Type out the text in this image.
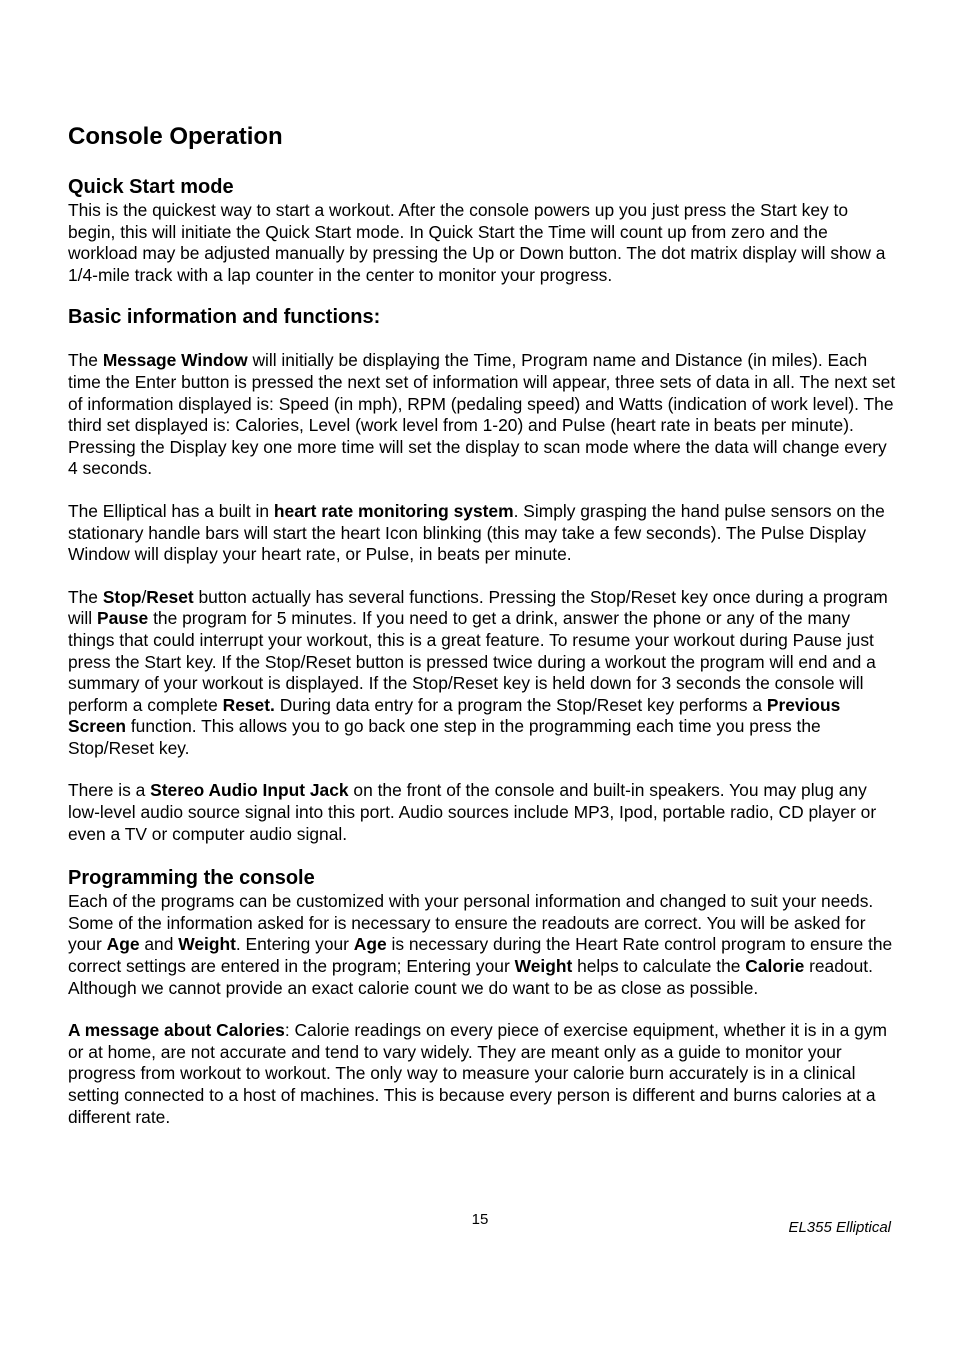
Console Operation
Quick Start mode

This is the quickest way to start a workout. After the console powers up you just press the Start key to begin, this will initiate the Quick Start mode. In Quick Start the Time will count up from zero and the workload may be adjusted manually by pressing the Up or Down button. The dot matrix display will show a 1/4-mile track with a lap counter in the center to monitor your progress.

Basic information and functions:

The Message Window will initially be displaying the Time, Program name and Distance (in miles). Each time the Enter button is pressed the next set of information will appear, three sets of data in all. The next set of information displayed is: Speed (in mph), RPM (pedaling speed) and Watts (indication of work level). The third set displayed is: Calories, Level (work level from 1-20) and Pulse (heart rate in beats per minute). Pressing the Display key one more time will set the display to scan mode where the data will change every 4 seconds.

The Elliptical has a built in heart rate monitoring system. Simply grasping the hand pulse sensors on the stationary handle bars will start the heart Icon blinking (this may take a few seconds). The Pulse Display Window will display your heart rate, or Pulse, in beats per minute.

The Stop/Reset button actually has several functions. Pressing the Stop/Reset key once during a program will Pause the program for 5 minutes. If you need to get a drink, answer the phone or any of the many things that could interrupt your workout, this is a great feature. To resume your workout during Pause just press the Start key. If the Stop/Reset button is pressed twice during a workout the program will end and a summary of your workout is displayed. If the Stop/Reset key is held down for 3 seconds the console will perform a complete Reset. During data entry for a program the Stop/Reset key performs a Previous Screen function. This allows you to go back one step in the programming each time you press the Stop/Reset key.

There is a Stereo Audio Input Jack on the front of the console and built-in speakers. You may plug any low-level audio source signal into this port. Audio sources include MP3, Ipod, portable radio, CD player or even a TV or computer audio signal.

Programming the console

Each of the programs can be customized with your personal information and changed to suit your needs. Some of the information asked for is necessary to ensure the readouts are correct. You will be asked for your Age and Weight. Entering your Age is necessary during the Heart Rate control program to ensure the correct settings are entered in the program; Entering your Weight helps to calculate the Calorie readout. Although we cannot provide an exact calorie count we do want to be as close as possible.

A message about Calories: Calorie readings on every piece of exercise equipment, whether it is in a gym or at home, are not accurate and tend to vary widely. They are meant only as a guide to monitor your progress from workout to workout. The only way to measure your calorie burn accurately is in a clinical setting connected to a host of machines. This is because every person is different and burns calories at a different rate.

15	EL355 Elliptical
